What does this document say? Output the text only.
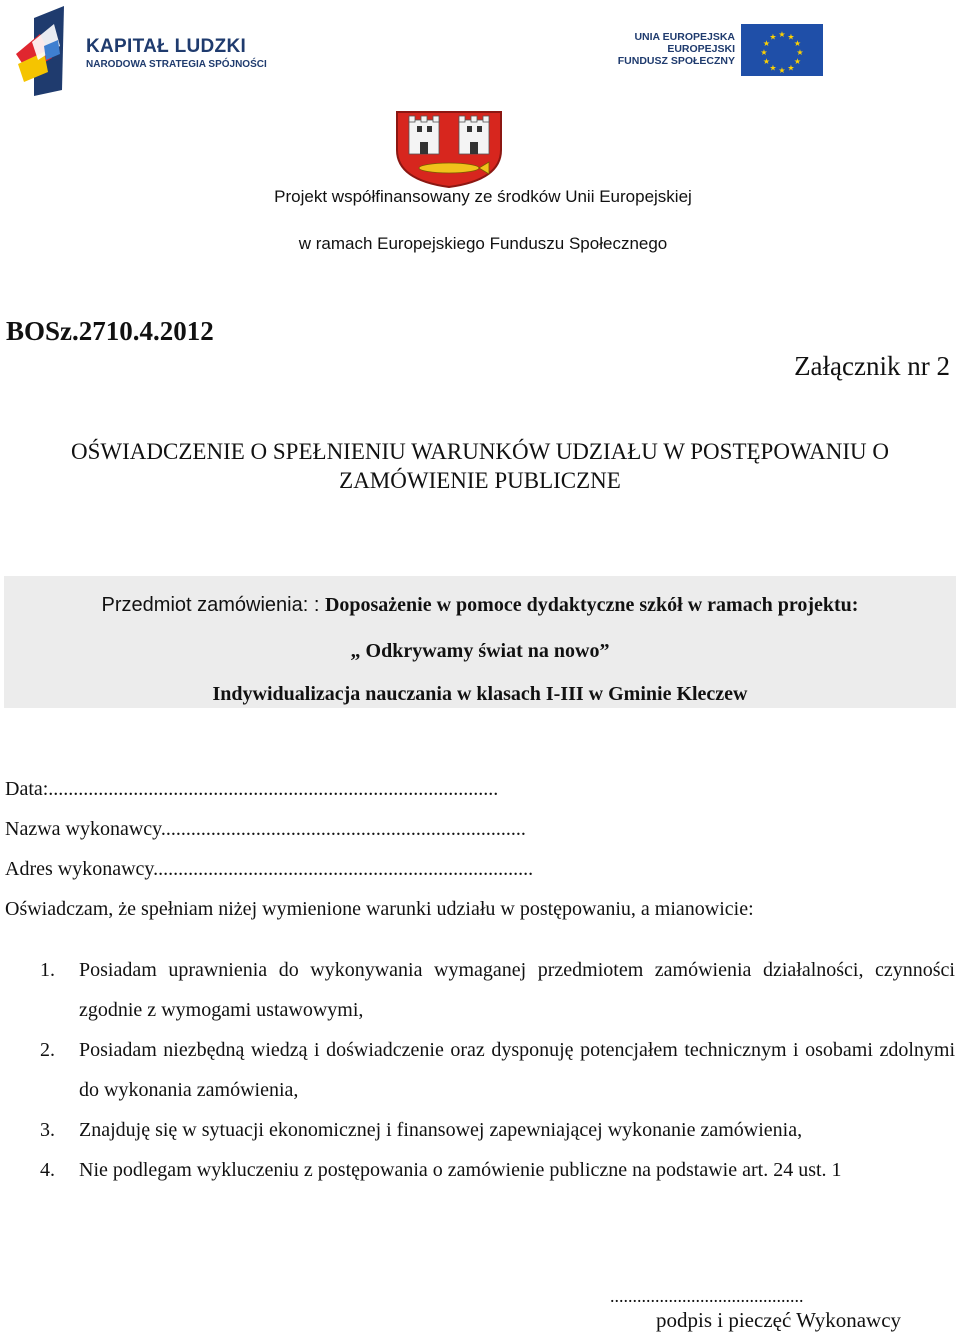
KAPITAŁ LUDZKI
NARODOWA STRATEGIA SPÓJNOŚCI
UNIA EUROPEJSKA
EUROPEJSKI
FUNDUSZ SPOŁECZNY
★ ★
★
★
★
★
★
★
★
★
★
★
Projekt współfinansowany ze środków Unii Europejskiej
w ramach Europejskiego Funduszu Społecznego
BOSz.2710.4.2012
Załącznik nr 2
OŚWIADCZENIE O SPEŁNIENIU WARUNKÓW UDZIAŁU W POSTĘPOWANIU O
ZAMÓWIENIE PUBLICZNE
Przedmiot zamówienia: : Doposażenie w pomoce dydaktyczne szkół w ramach projektu:
„ Odkrywamy świat na nowo”
Indywidualizacja nauczania w klasach I-III w Gminie Kleczew
Data:..........................................................................................
Nazwa wykonawcy.........................................................................
Adres wykonawcy............................................................................
Oświadczam, że spełniam niżej wymienione warunki udziału w postępowaniu, a mianowicie:
1. Posiadam uprawnienia do wykonywania wymaganej przedmiotem zamówienia działalności, czynności zgodnie z wymogami ustawowymi,
2. Posiadam niezbędną wiedzą i doświadczenie oraz dysponuję potencjałem technicznym i osobami zdolnymi do wykonania zamówienia,
3. Znajduję się w sytuacji ekonomicznej i finansowej zapewniającej wykonanie zamówienia,
4. Nie podlegam wykluczeniu z postępowania o zamówienie publiczne na podstawie art. 24 ust. 1
...........................................
podpis i pieczęć Wykonawcy
